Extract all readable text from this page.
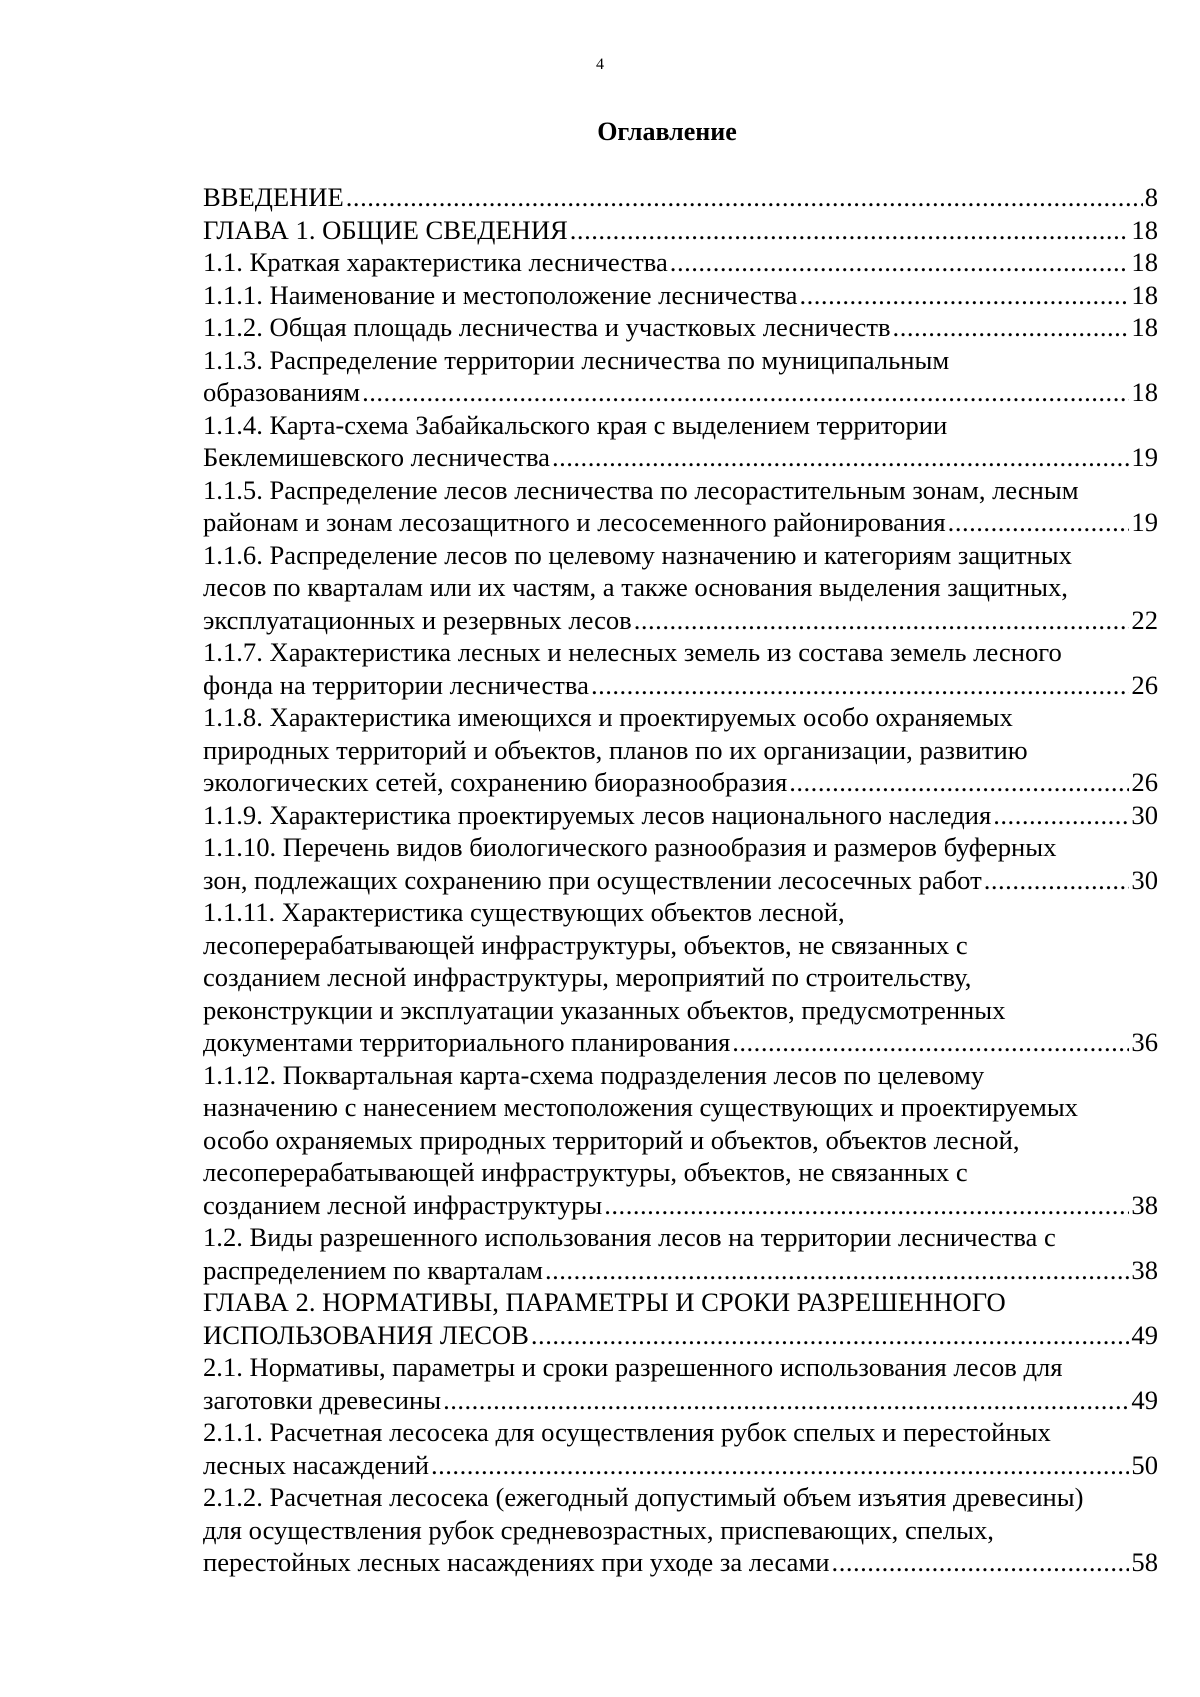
4
Оглавление
ВВЕДЕНИЕ .....	8
ГЛАВА 1. ОБЩИЕ СВЕДЕНИЯ .....	18
1.1. Краткая характеристика лесничества .....	18
1.1.1. Наименование и местоположение лесничества .....	18
1.1.2. Общая площадь лесничества и участковых лесничеств .....	18
1.1.3. Распределение территории лесничества по муниципальным
образованиям .....	18
1.1.4. Карта-схема Забайкальского края с выделением территории
Беклемишевского лесничества .....	19
1.1.5. Распределение лесов лесничества по лесорастительным зонам, лесным
районам и зонам лесозащитного и лесосеменного районирования .....	19
1.1.6. Распределение лесов по целевому назначению и категориям защитных
лесов по кварталам или их частям, а также основания выделения защитных,
эксплуатационных и резервных лесов .....	22
1.1.7. Характеристика лесных и нелесных земель из состава земель лесного
фонда на территории лесничества .....	26
1.1.8. Характеристика имеющихся и проектируемых особо охраняемых
природных территорий и объектов, планов по их организации, развитию
экологических сетей, сохранению биоразнообразия .....	26
1.1.9. Характеристика проектируемых лесов национального наследия .....	30
1.1.10. Перечень видов биологического разнообразия и размеров буферных
зон, подлежащих сохранению при осуществлении лесосечных работ .....	30
1.1.11. Характеристика существующих объектов лесной,
лесоперерабатывающей инфраструктуры, объектов, не связанных с
созданием лесной инфраструктуры, мероприятий по строительству,
реконструкции и эксплуатации указанных объектов, предусмотренных
документами территориального планирования .....	36
1.1.12. Поквартальная карта-схема подразделения лесов по целевому
назначению с нанесением местоположения существующих и проектируемых
особо охраняемых природных территорий и объектов, объектов лесной,
лесоперерабатывающей инфраструктуры, объектов, не связанных с
созданием лесной инфраструктуры .....	38
1.2. Виды разрешенного использования лесов на территории лесничества с
распределением по кварталам .....	38
ГЛАВА 2. НОРМАТИВЫ, ПАРАМЕТРЫ И СРОКИ РАЗРЕШЕННОГО
ИСПОЛЬЗОВАНИЯ ЛЕСОВ .....	49
2.1. Нормативы, параметры и сроки разрешенного использования лесов для
заготовки древесины .....	49
2.1.1. Расчетная лесосека для осуществления рубок спелых и перестойных
лесных насаждений .....	50
2.1.2. Расчетная лесосека (ежегодный допустимый объем изъятия древесины)
для осуществления рубок средневозрастных, приспевающих, спелых,
перестойных лесных насаждениях при уходе за лесами .....	58
